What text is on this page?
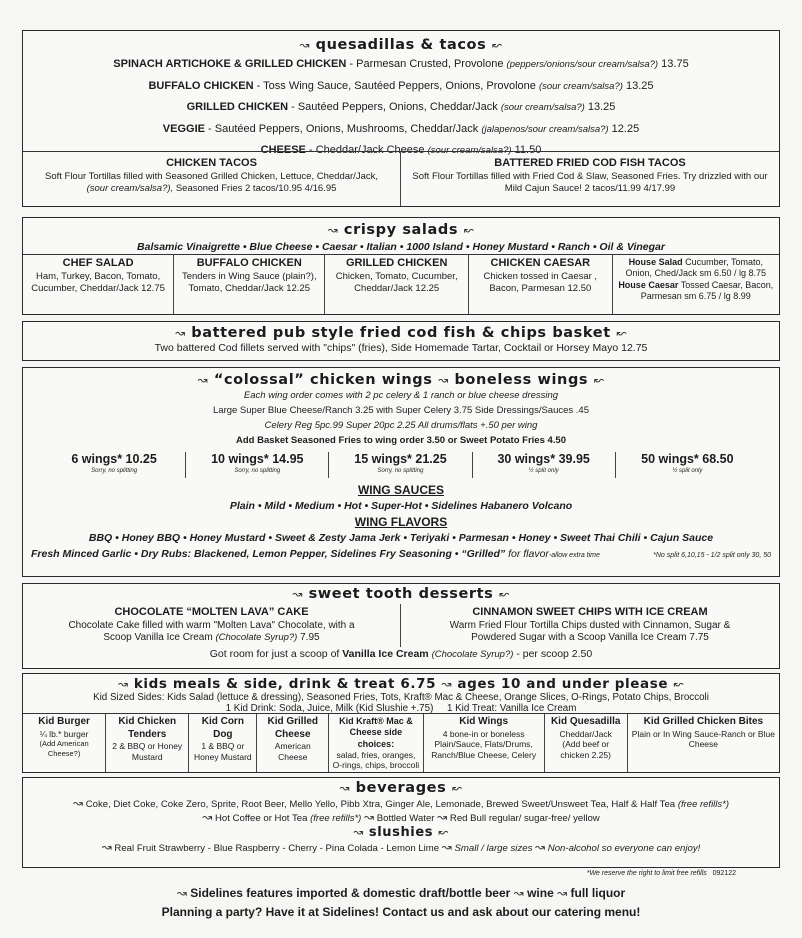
↝ quesadillas & tacos ↜
SPINACH ARTICHOKE & GRILLED CHICKEN - Parmesan Crusted, Provolone (peppers/onions/sour cream/salsa?) 13.75
BUFFALO CHICKEN - Toss Wing Sauce, Sautéed Peppers, Onions, Provolone (sour cream/salsa?) 13.25
GRILLED CHICKEN - Sautéed Peppers, Onions, Cheddar/Jack (sour cream/salsa?) 13.25
VEGGIE - Sautéed Peppers, Onions, Mushrooms, Cheddar/Jack (jalapenos/sour cream/salsa?) 12.25
CHEESE - Cheddar/Jack Cheese (sour cream/salsa?) 11.50
CHICKEN TACOS
Soft Flour Tortillas filled with Seasoned Grilled Chicken, Lettuce, Cheddar/Jack,
(sour cream/salsa?), Seasoned Fries 2 tacos/10.95 4/16.95
BATTERED FRIED COD FISH TACOS
Soft Flour Tortillas filled with Fried Cod & Slaw, Seasoned Fries. Try drizzled with our
Mild Cajun Sauce! 2 tacos/11.99 4/17.99
↝ crispy salads ↜
Balsamic Vinaigrette • Blue Cheese • Caesar • Italian • 1000 Island • Honey Mustard • Ranch • Oil & Vinegar
CHEF SALAD
Ham, Turkey, Bacon, Tomato, Cucumber, Cheddar/Jack 12.75
BUFFALO CHICKEN
Tenders in Wing Sauce (plain?), Tomato, Cheddar/Jack 12.25
GRILLED CHICKEN
Chicken, Tomato, Cucumber, Cheddar/Jack 12.25
CHICKEN CAESAR
Chicken tossed in Caesar , Bacon, Parmesan 12.50
House Salad Cucumber, Tomato, Onion, Ched/Jack sm 6.50 / lg 8.75
House Caesar Tossed Caesar, Bacon, Parmesan sm 6.75 / lg 8.99
↝ battered pub style fried cod fish & chips basket ↜
Two battered Cod fillets served with "chips" (fries), Side Homemade Tartar, Cocktail or Horsey Mayo 12.75
↝ “colossal” chicken wings ↝ boneless wings ↜
Each wing order comes with 2 pc celery & 1 ranch or blue cheese dressing
Large Super Blue Cheese/Ranch 3.25 with Super Celery 3.75 Side Dressings/Sauces .45
Celery Reg 5pc.99 Super 20pc 2.25 All drums/flats +.50 per wing
Add Basket Seasoned Fries to wing order 3.50 or Sweet Potato Fries 4.50
6 wings* 10.25
Sorry, no splitting
10 wings* 14.95
Sorry, no splitting
15 wings* 21.25
Sorry, no splitting
30 wings* 39.95
½ split only
50 wings* 68.50
½ split only
WING SAUCES
Plain • Mild • Medium • Hot • Super-Hot • Sidelines Habanero Volcano
WING FLAVORS
BBQ • Honey BBQ • Honey Mustard • Sweet & Zesty Jama Jerk • Teriyaki • Parmesan • Honey • Sweet Thai Chili • Cajun Sauce
Fresh Minced Garlic • Dry Rubs: Blackened, Lemon Pepper, Sidelines Fry Seasoning • “Grilled” for flavor-allow extra time	*No split 6,10,15 - 1/2 split only 30, 50
↝ sweet tooth desserts ↜
CHOCOLATE “MOLTEN LAVA” CAKE
Chocolate Cake filled with warm "Molten Lava" Chocolate, with a
Scoop Vanilla Ice Cream (Chocolate Syrup?) 7.95
CINNAMON SWEET CHIPS WITH ICE CREAM
Warm Fried Flour Tortilla Chips dusted with Cinnamon, Sugar &
Powdered Sugar with a Scoop Vanilla Ice Cream 7.75
Got room for just a scoop of Vanilla Ice Cream (Chocolate Syrup?) - per scoop 2.50
↝ kids meals & side, drink & treat 6.75 ↝ ages 10 and under please ↜
Kid Sized Sides: Kids Salad (lettuce & dressing), Seasoned Fries, Tots, Kraft® Mac & Cheese, Orange Slices, O-Rings, Potato Chips, Broccoli
1 Kid Drink: Soda, Juice, Milk (Kid Slushie +.75) 1 Kid Treat: Vanilla Ice Cream
Kid Burger
¼ lb.* burger
(Add American Cheese?)
Kid Chicken Tenders
2 & BBQ or Honey Mustard
Kid Corn Dog
1 & BBQ or Honey Mustard
Kid Grilled Cheese
American Cheese
Kid Kraft® Mac & Cheese side choices:
salad, fries, oranges, O-rings, chips, broccoli
Kid Wings
4 bone-in or boneless Plain/Sauce, Flats/Drums, Ranch/Blue Cheese, Celery
Kid Quesadilla
Cheddar/Jack
(Add beef or chicken 2.25)
Kid Grilled Chicken Bites
Plain or In Wing Sauce-Ranch or Blue Cheese
↝ beverages ↜
↝ Coke, Diet Coke, Coke Zero, Sprite, Root Beer, Mello Yello, Pibb Xtra, Ginger Ale, Lemonade, Brewed Sweet/Unsweet Tea, Half & Half Tea (free refills*)
↝ Hot Coffee or Hot Tea (free refills*) ↝ Bottled Water ↝ Red Bull regular/ sugar-free/ yellow
↝ slushies ↜
↝ Real Fruit Strawberry - Blue Raspberry - Cherry - Pina Colada - Lemon Lime ↝ Small / large sizes ↝ Non-alcohol so everyone can enjoy!
*We reserve the right to limit free refills 092122
↝ Sidelines features imported & domestic draft/bottle beer ↝ wine ↝ full liquor
Planning a party? Have it at Sidelines! Contact us and ask about our catering menu!
